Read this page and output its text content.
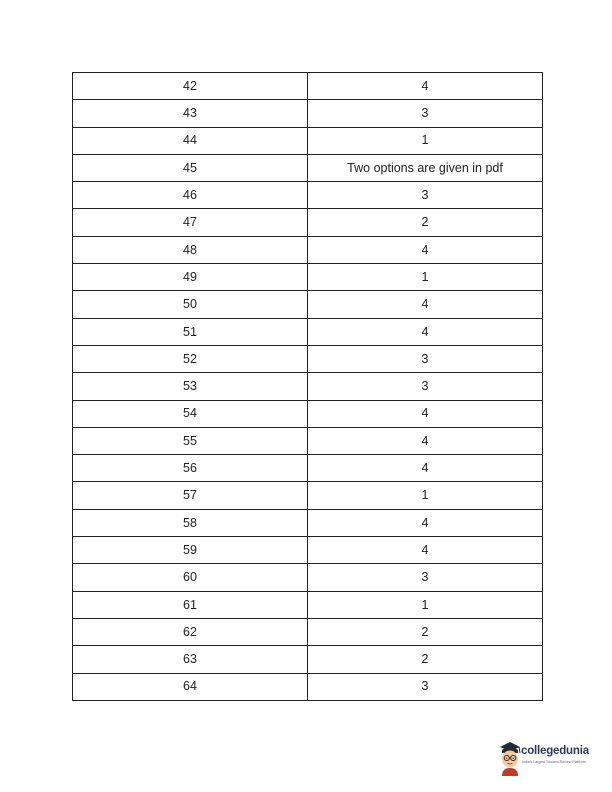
42	4
43	3
44	1
45	Two options are given in pdf
46	3
47	2
48	4
49	1
50	4
51	4
52	3
53	3
54	4
55	4
56	4
57	1
58	4
59	4
60	3
61	1
62	2
63	2
64	3
collegedunia
India's Largest Student Review Platform
